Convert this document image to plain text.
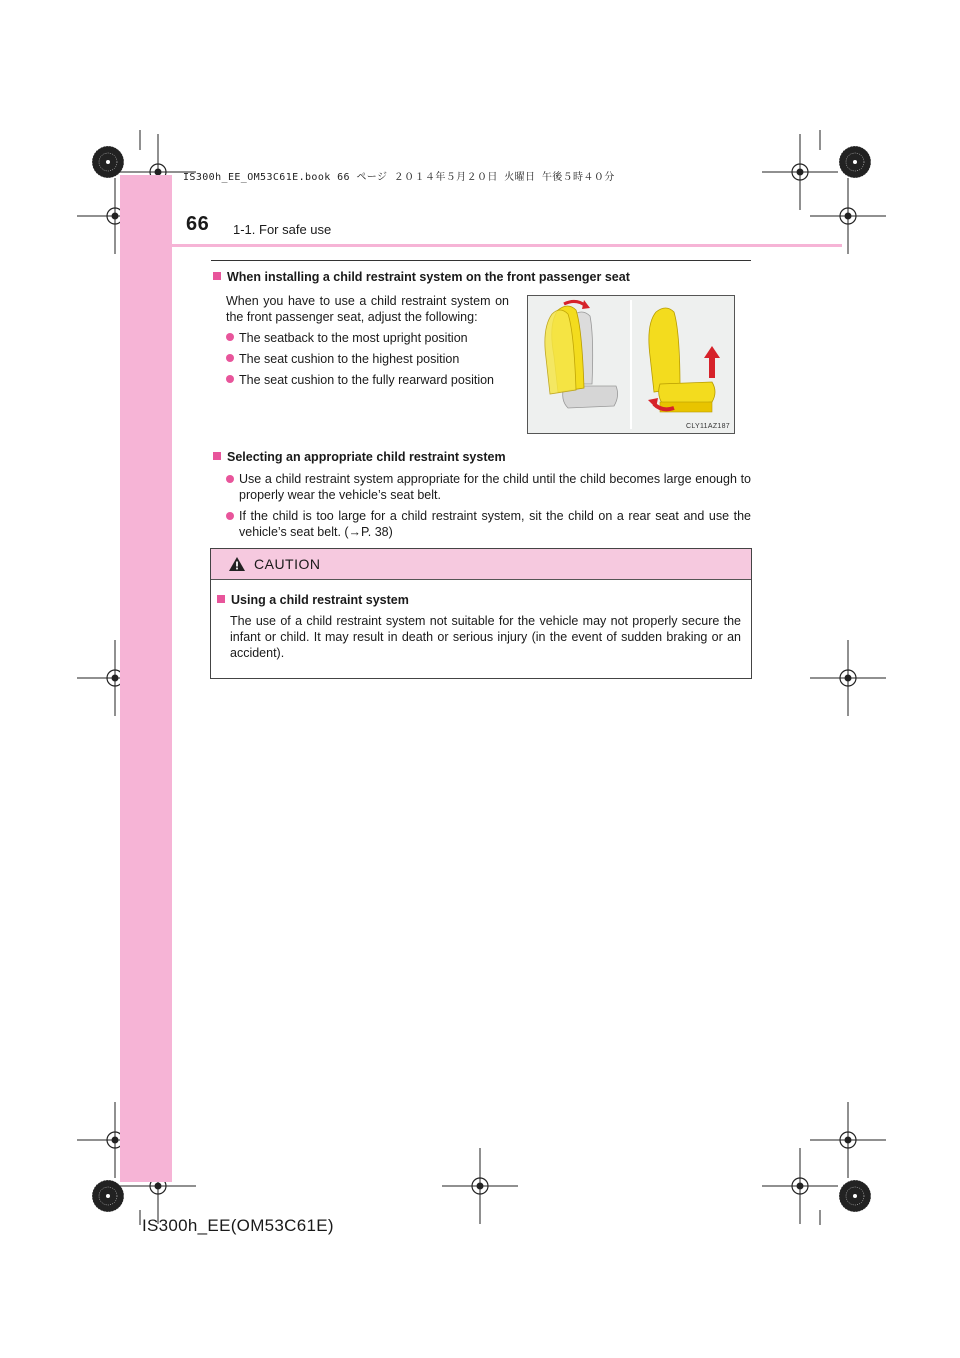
IS300h_EE_OM53C61E.book 66 ページ ２０１４年５月２０日 火曜日 午後５時４０分
66 1-1. For safe use
When installing a child restraint system on the front passenger seat
When you have to use a child restraint system on the front passenger seat, adjust the following:
The seatback to the most upright position
The seat cushion to the highest position
The seat cushion to the fully rearward position
CLY11AZ187
Selecting an appropriate child restraint system
Use a child restraint system appropriate for the child until the child becomes large enough to properly wear the vehicle’s seat belt.
If the child is too large for a child restraint system, sit the child on a rear seat and use the vehicle’s seat belt. (→P. 38)
CAUTION
Using a child restraint system
The use of a child restraint system not suitable for the vehicle may not properly secure the infant or child. It may result in death or serious injury (in the event of sudden braking or an accident).
IS300h_EE(OM53C61E)
